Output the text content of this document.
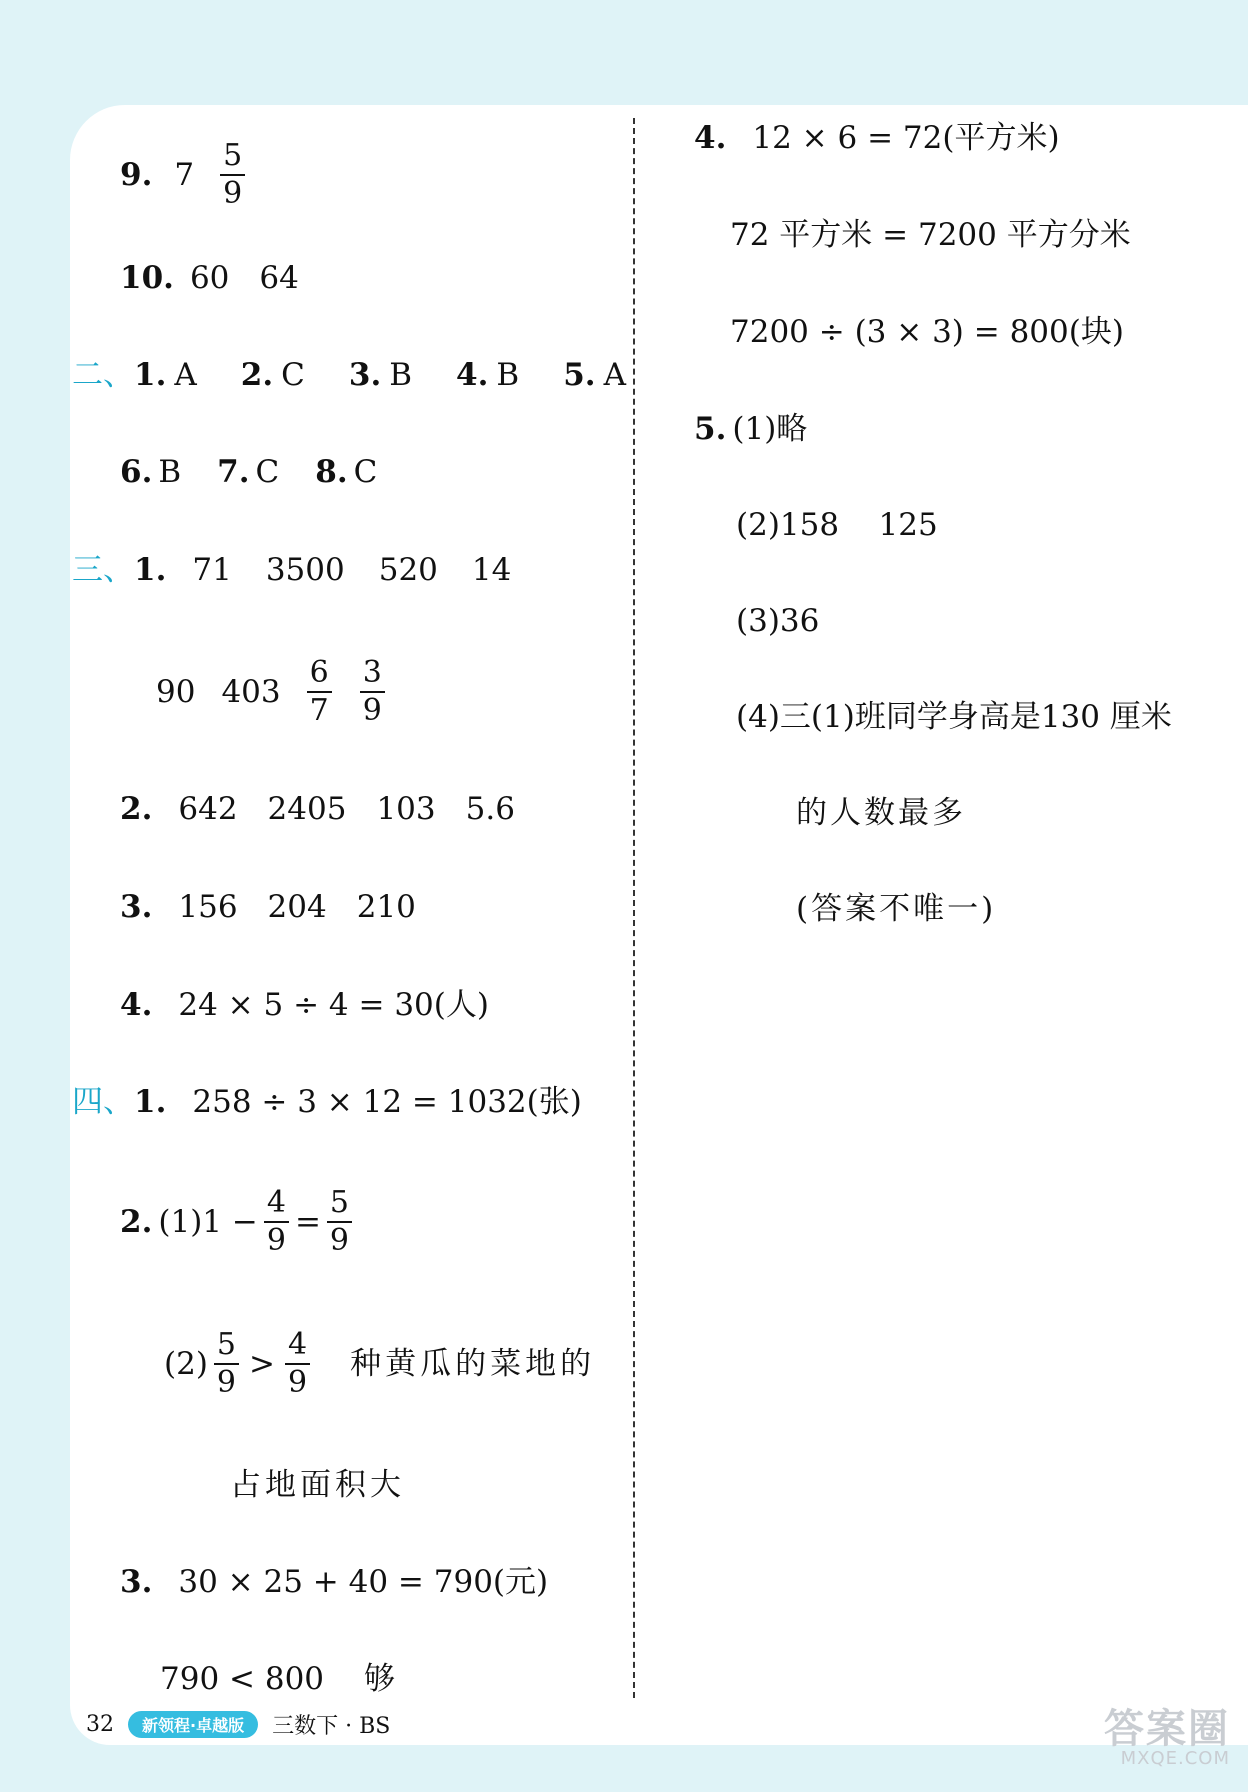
9. $7 \frac{5}{9}$
10. 60 64
二、 1. A 2. C 3. B 4. B 5. A
6. B 7. C 8. C
三、 1. 71 3500 520 14
90 $403 \frac{6}{7} \frac{3}{9}$
2. 642 2405 103 5.6
3. 156 204 210
4. 24 × 5 ÷ 4 = 30(人)
四、 1. 258 ÷ 3 × 12 = 1032(张)
2. $(1)1 - \frac{4}{9} = \frac{5}{9}$
$(2) \frac{5}{9} > \frac{4}{9}$ 种黄瓜的菜地的
占地面积大
3. 30 × 25 + 40 = 790(元)
790 < 800 够
4. 12 × 6 = 72(平方米)
72 平方米 = 7200 平方分米
7200 ÷ (3 × 3) = 800(块)
5. (1)略
(2)158    125
(3)36
(4)三(1)班同学身高是130 厘米
的人数最多
(答案不唯一)
32	新领程·卓越版	三数下 · BS	答案圈
MXQE.COM
